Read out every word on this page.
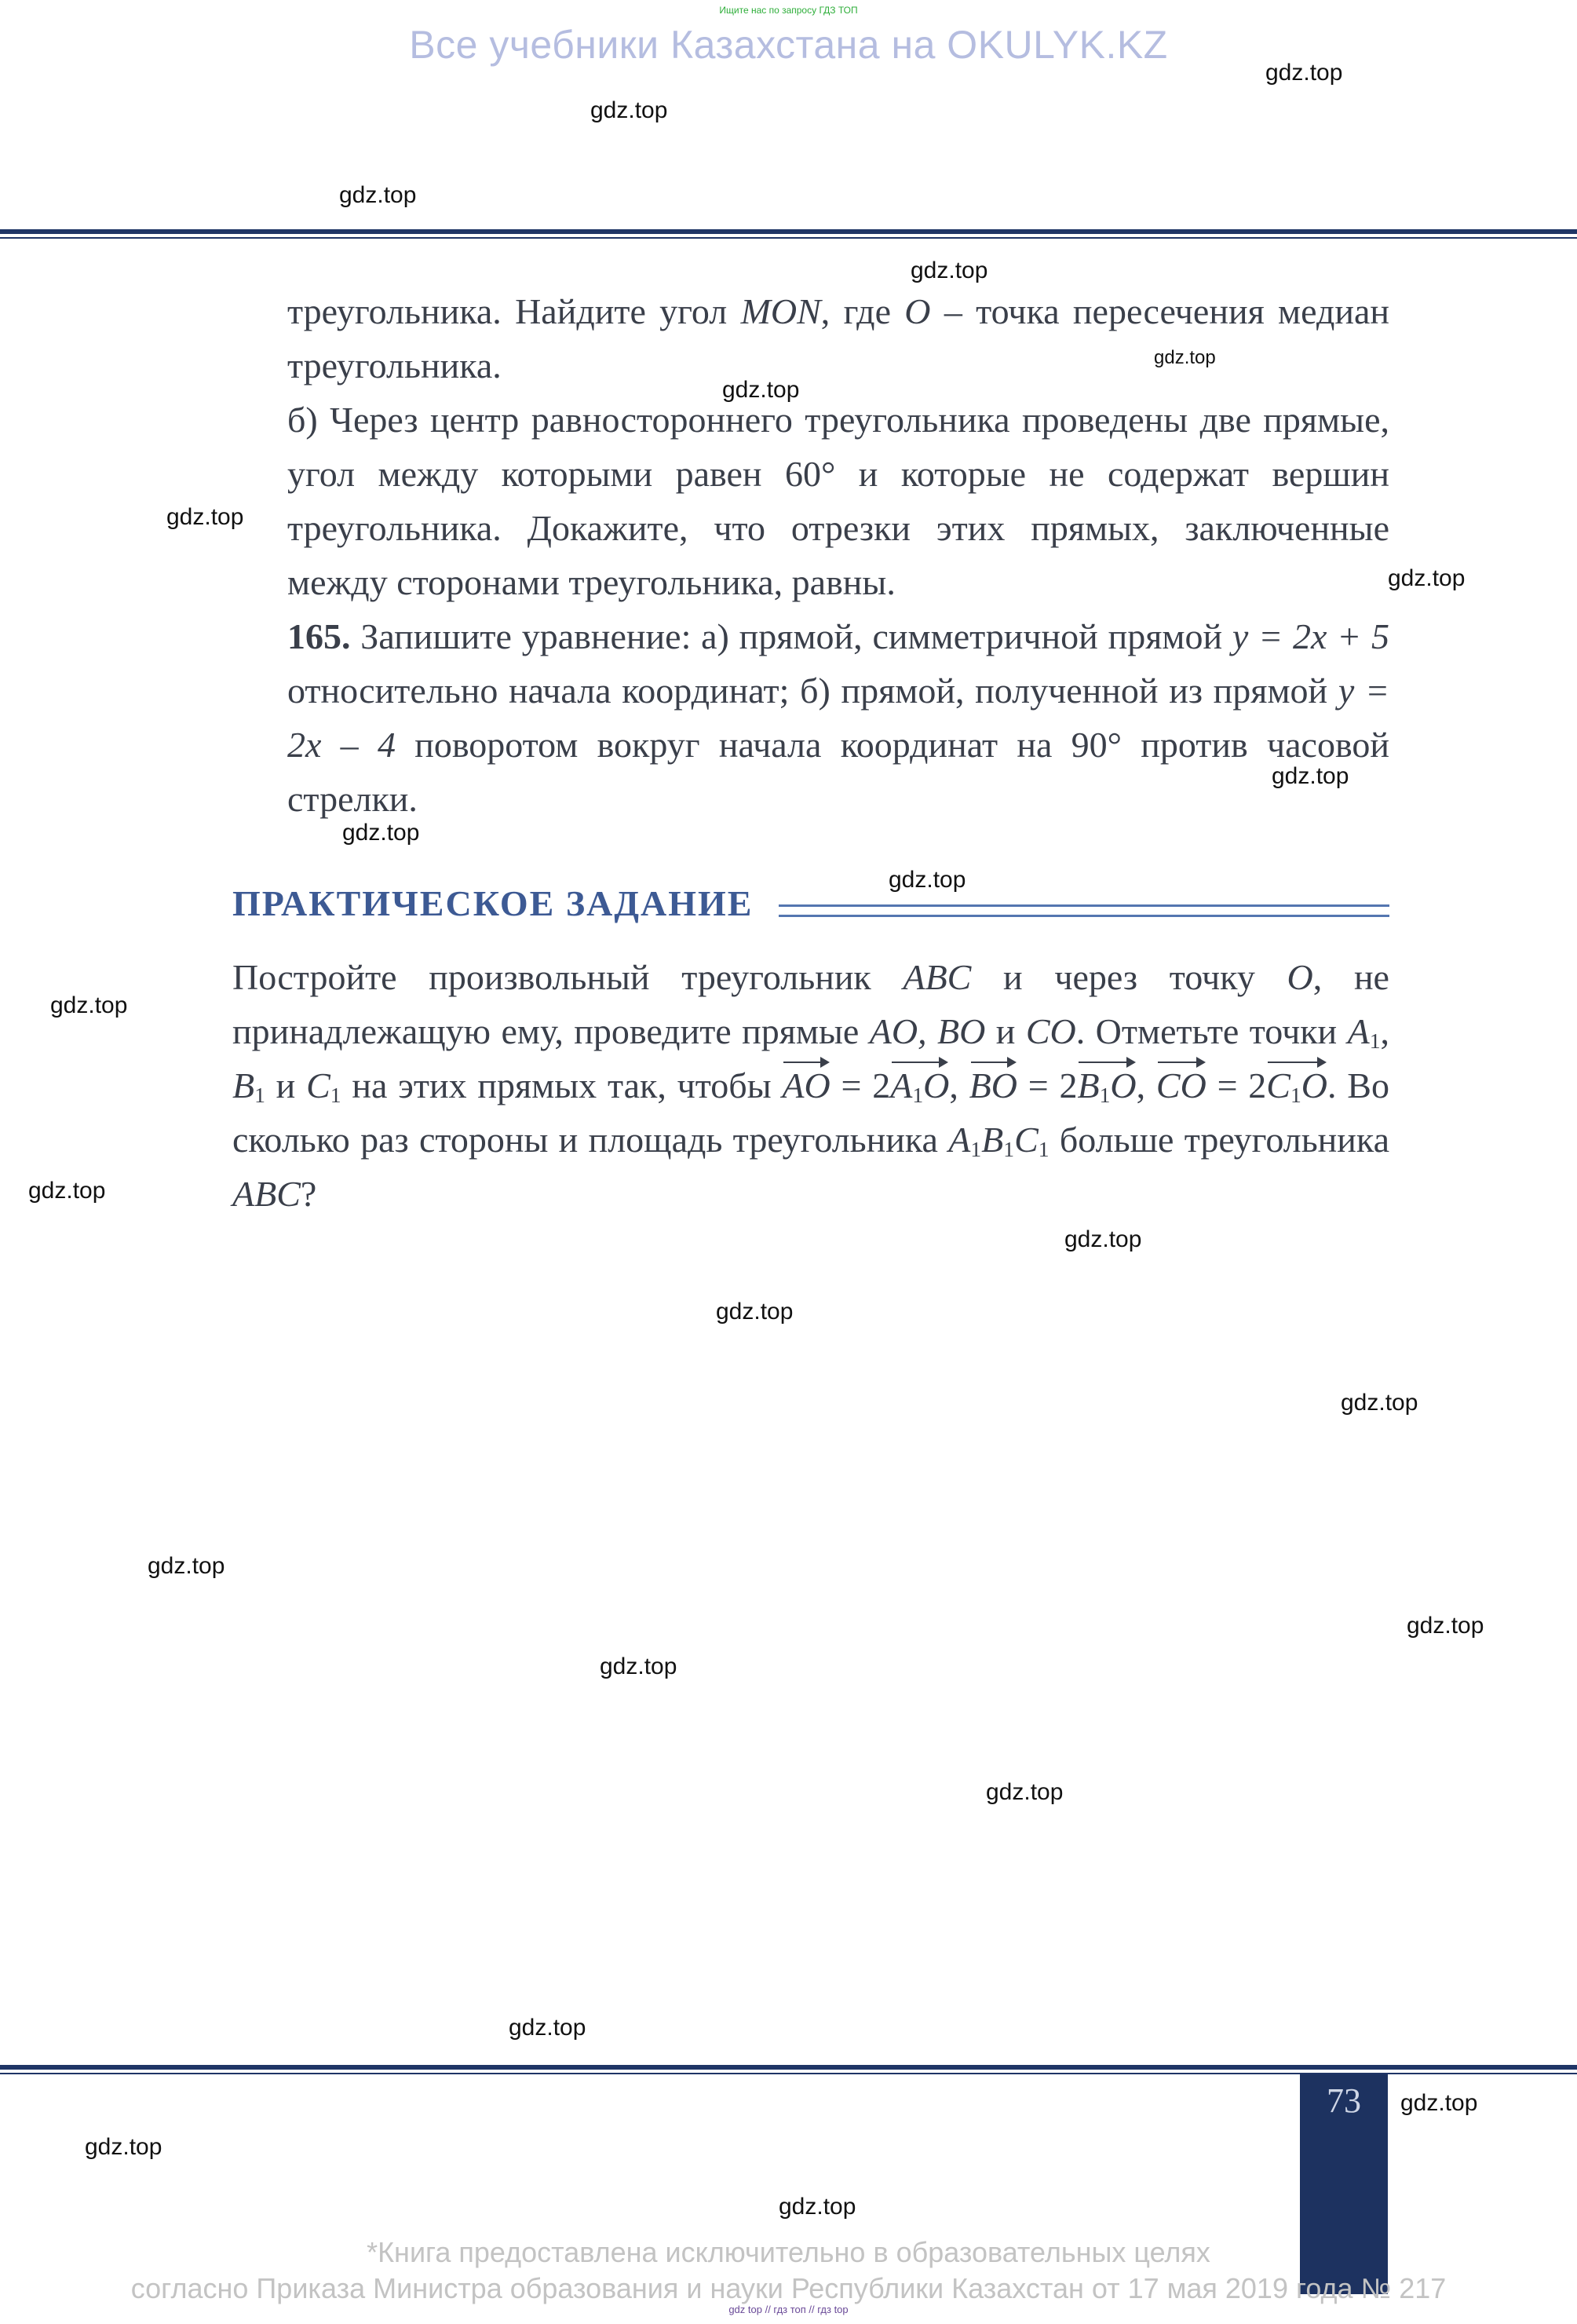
Ищите нас по запросу ГДЗ ТОП
Все учебники Казахстана на OKULYK.KZ

треугольника. Найдите угол MON, где O – точка пересечения медиан треугольника.

б) Через центр равностороннего треугольника проведены две прямые, угол между которыми равен 60° и которые не содержат вершин треугольника. Докажите, что отрезки этих прямых, заключенные между сторонами треугольника, равны.

165. Запишите уравнение: а) прямой, симметричной прямой y = 2x + 5 относительно начала координат; б) прямой, полученной из прямой y = 2x – 4 поворотом вокруг начала координат на 90° против часовой стрелки.

ПРАКТИЧЕСКОЕ ЗАДАНИЕ

Постройте произвольный треугольник ABC и через точку O, не принадлежащую ему, проведите прямые AO, BO и CO. Отметьте точки $A_1$, $B_1$ и $C_1$ на этих прямых так, чтобы AO = $2A_1O$, BO = $2B_1O$, CO = $2C_1O$. Во сколько раз стороны и площадь треугольника $A_1B_1C_1$ больше треугольника ABC?

73
*Книга предоставлена исключительно в образовательных целях
согласно Приказа Министра образования и науки Республики Казахстан от 17 мая 2019 года № 217
gdz top // гдз топ // гдз top
gdz.top
gdz.top
gdz.top
gdz.top
gdz.top
gdz.top
gdz.top
gdz.top
gdz.top
gdz.top
gdz.top
gdz.top
gdz.top
gdz.top
gdz.top
gdz.top
gdz.top
gdz.top
gdz.top
gdz.top
gdz.top
gdz.top
gdz.top
gdz.top
